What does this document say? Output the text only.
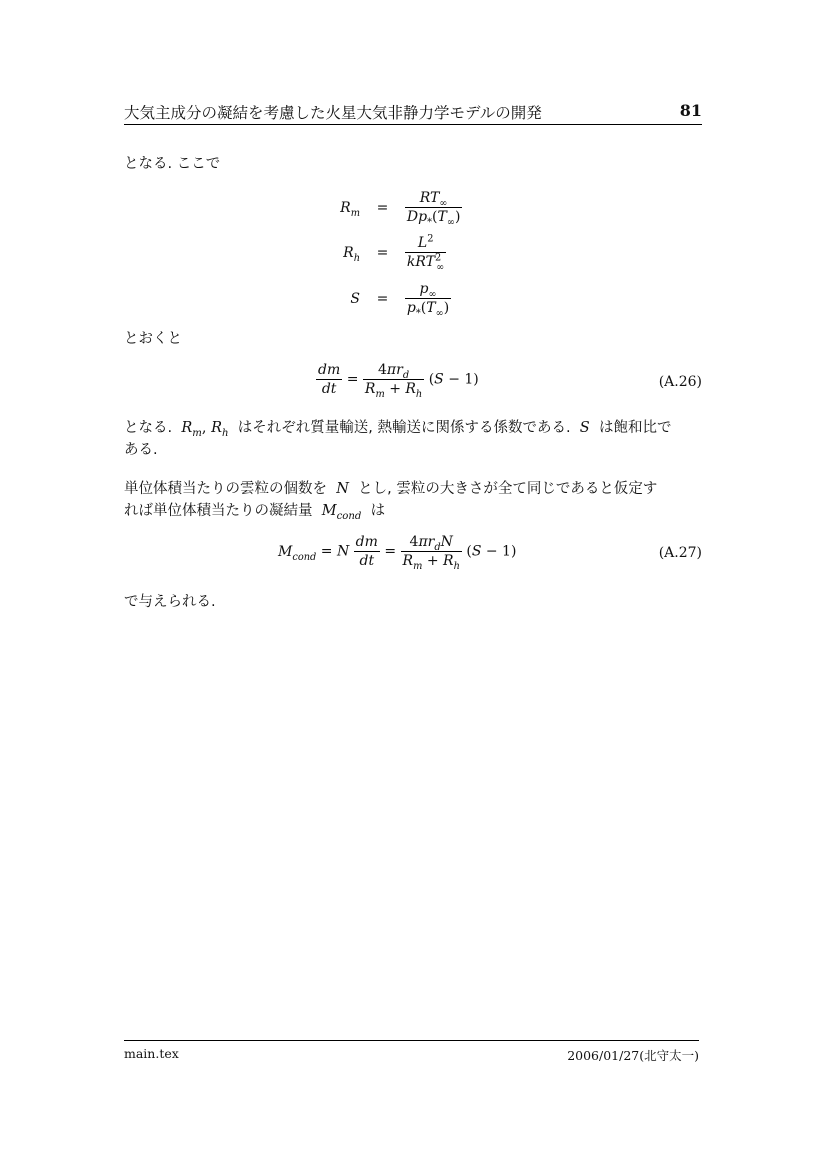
大気主成分の凝結を考慮した火星大気非静力学モデルの開発	81
となる. ここで
$R_m = \frac{RT_\infty}{Dp_*(T_\infty)}$
$R_h = \frac{L^2}{kRT^2_\infty}$
$S = \frac{p_\infty}{p_*(T_\infty)}$
とおくと
$\frac{dm}{dt} = \frac{4\pi r_d}{R_m + R_h} (S - 1)$	(A.26)
となる.  $R_m$, $R_h$ はそれぞれ質量輸送, 熱輸送に関係する係数である.  S  は飽和比で
ある.
単位体積当たりの雲粒の個数を  N  とし, 雲粒の大きさが全て同じであると仮定す
れば単位体積当たりの凝結量  $M_{cond}$ は
$M_{cond} = N \frac{dm}{dt} = \frac{4\pi r_dN}{R_m + R_h} (S - 1)$	(A.27)
で与えられる.
main.tex	2006/01/27(北守太一)
